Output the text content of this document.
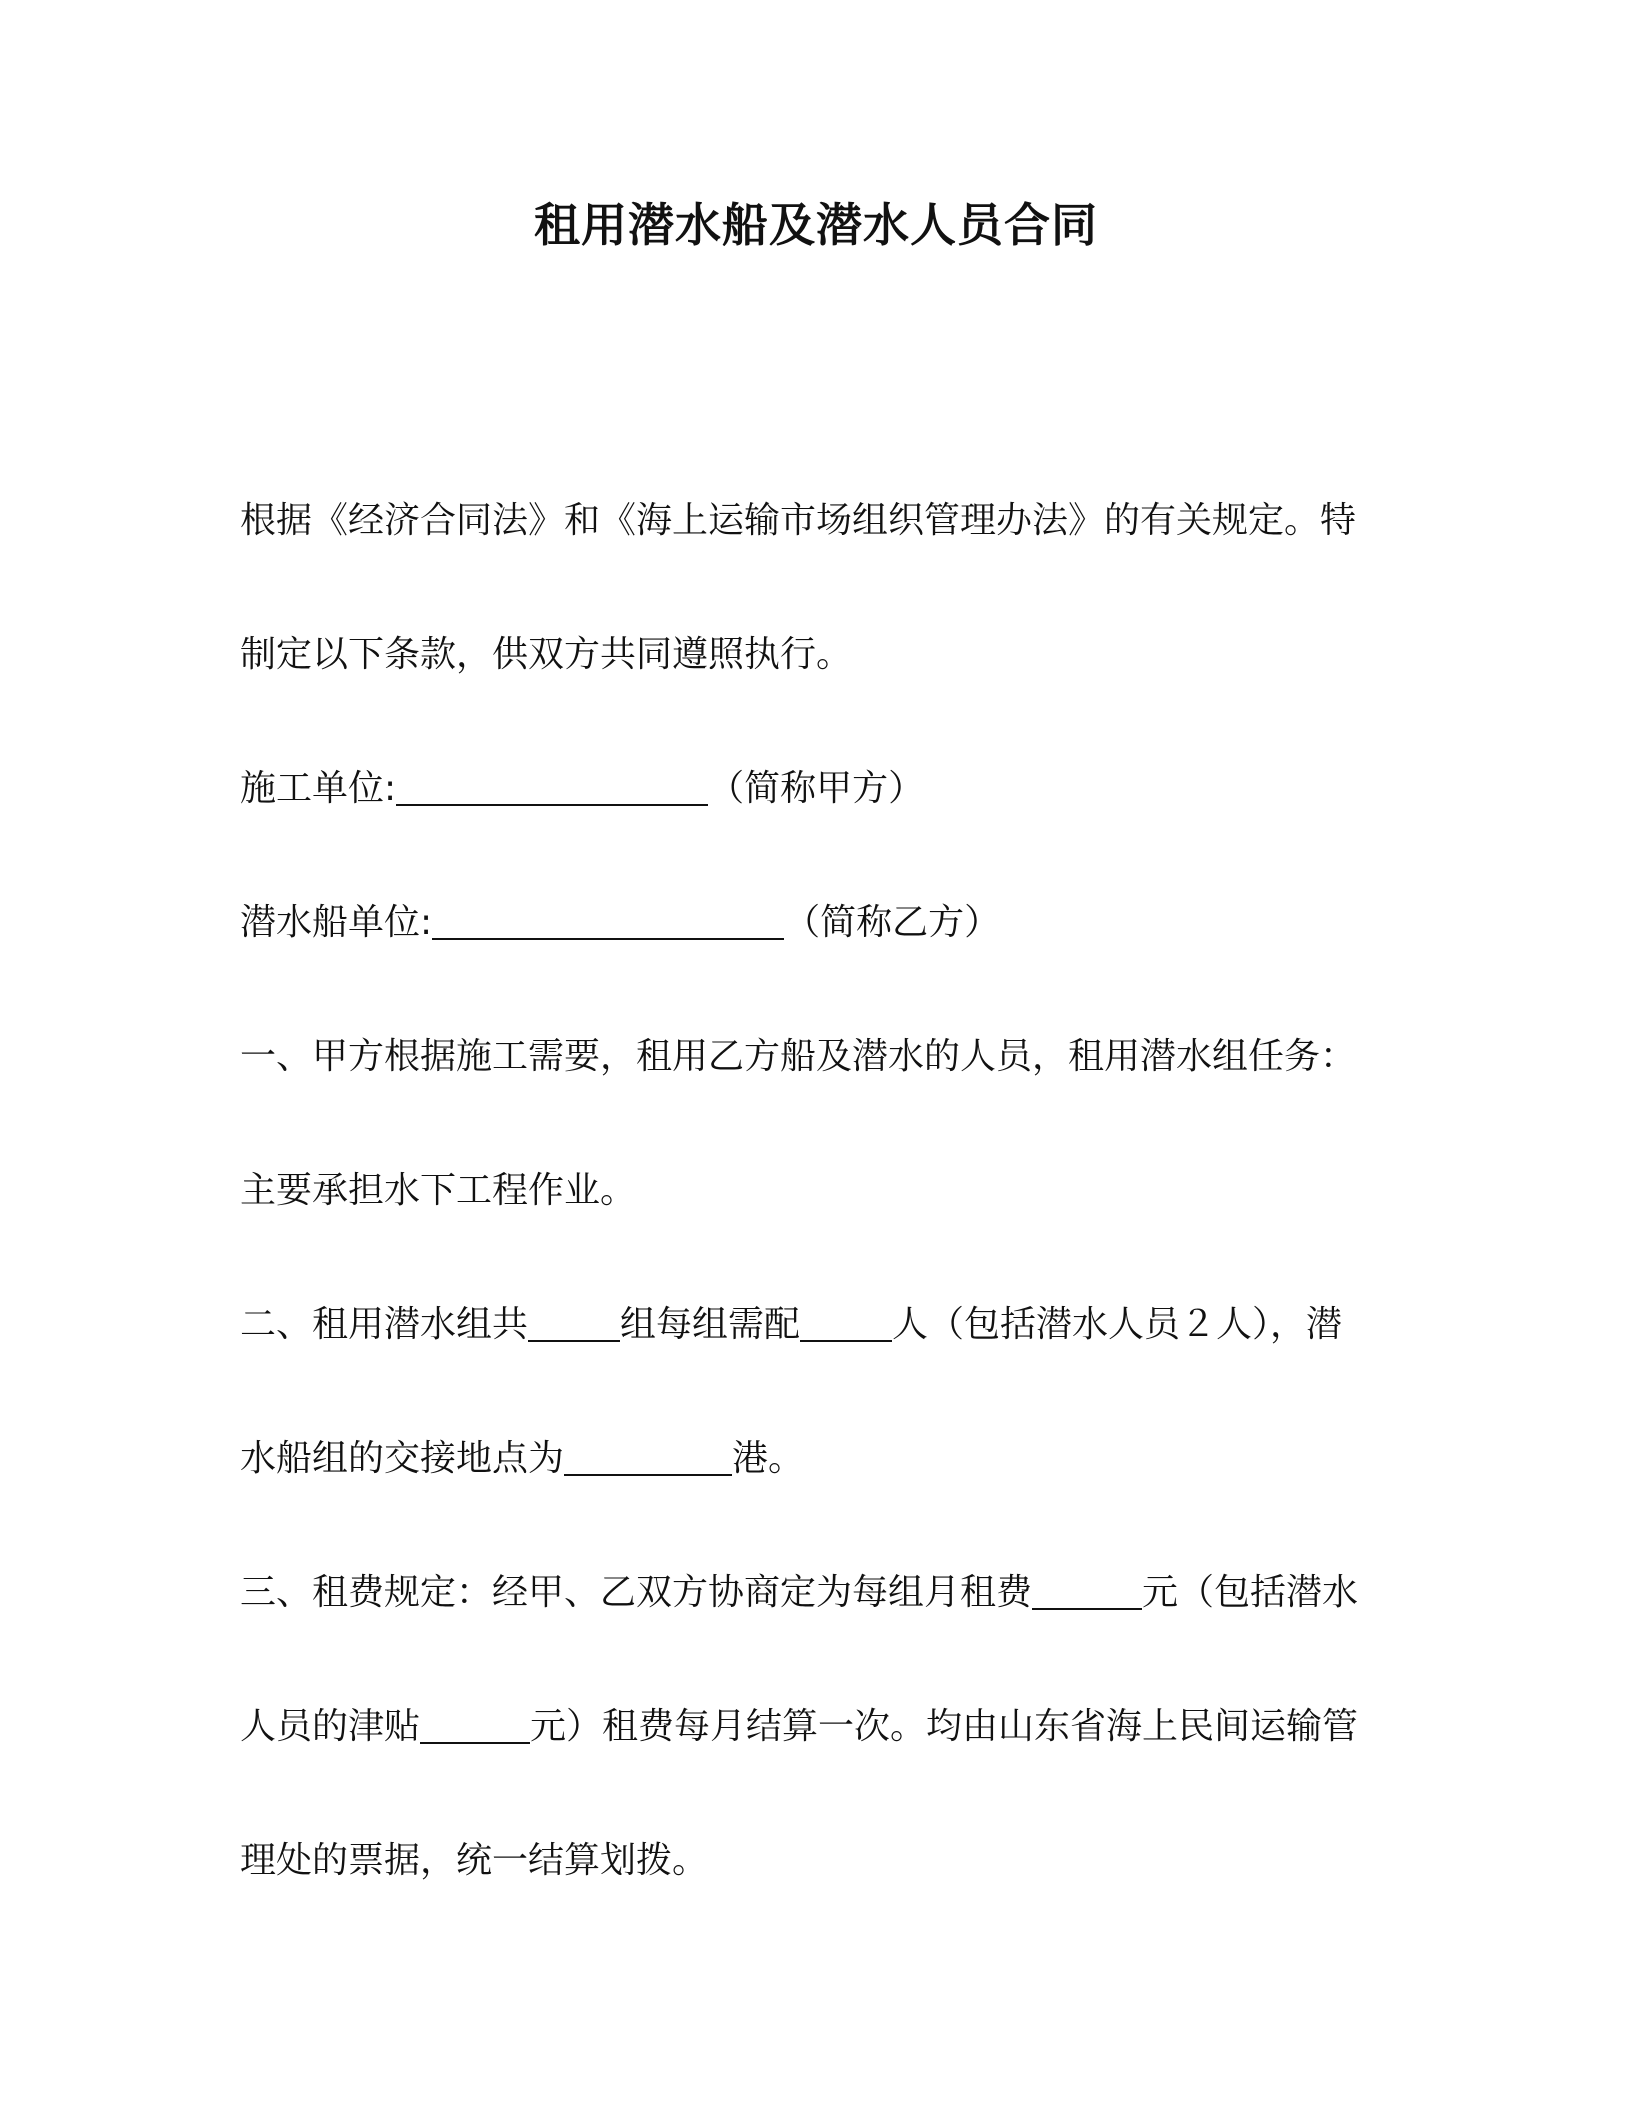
租用潜水船及潜水人员合同
根据《经济合同法》和《海上运输市场组织管理办法》的有关规定。特
制定以下条款，供双方共同遵照执行。
施工单位:	（简称甲方）
潜水船单位:	（简称乙方）
一、甲方根据施工需要，租用乙方船及潜水的人员，租用潜水组任务：
主要承担水下工程作业。
二、租用潜水组共	组每组需配	人（包括潜水人员２人），潜
水船组的交接地点为	港。
三、租费规定：经甲、乙双方协商定为每组月租费	元（包括潜水
人员的津贴	元）租费每月结算一次。均由山东省海上民间运输管
理处的票据，统一结算划拨。
